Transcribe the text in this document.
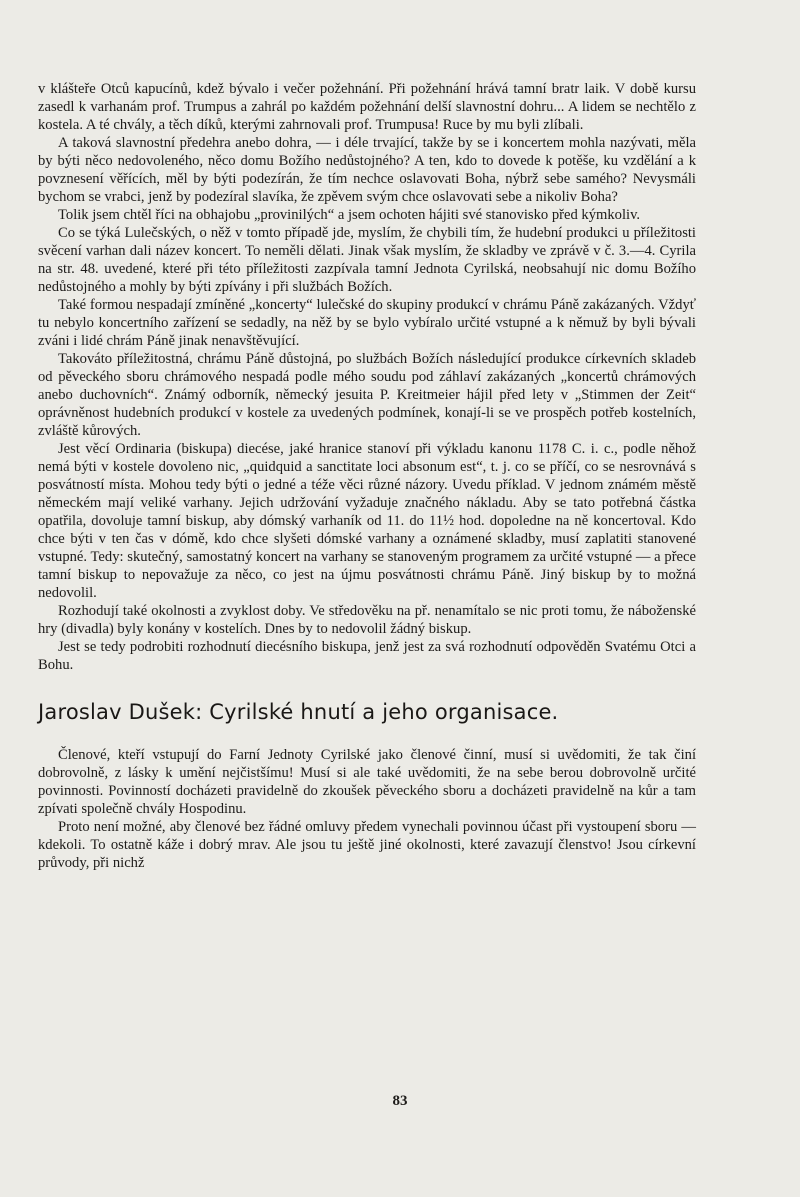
v klášteře Otců kapucínů, kdež bývalo i večer požehnání. Při požehnání hrává tamní bratr laik. V době kursu zasedl k varhanám prof. Trumpus a zahrál po každém požehnání delší slavnostní dohru... A lidem se nechtělo z kostela. A té chvály, a těch díků, kterými zahrnovali prof. Trumpusa! Ruce by mu byli zlíbali.

A taková slavnostní předehra anebo dohra, — i déle trvající, takže by se i koncertem mohla nazývati, měla by býti něco nedovoleného, něco domu Božího nedůstojného? A ten, kdo to dovede k potěše, ku vzdělání a k povznesení věřících, měl by býti podezírán, že tím nechce oslavovati Boha, nýbrž sebe samého? Nevysmáli bychom se vrabci, jenž by podezíral slavíka, že zpěvem svým chce oslavovati sebe a nikoliv Boha?

Tolik jsem chtěl říci na obhajobu „provinilých“ a jsem ochoten hájiti své stanovisko před kýmkoliv.

Co se týká Lulečských, o něž v tomto případě jde, myslím, že chybili tím, že hudební produkci u příležitosti svěcení varhan dali název koncert. To neměli dělati. Jinak však myslím, že skladby ve zprávě v č. 3.—4. Cyrila na str. 48. uvedené, které při této příležitosti zazpívala tamní Jednota Cyrilská, neobsahují nic domu Božího nedůstojného a mohly by býti zpívány i při službách Božích.

Také formou nespadají zmíněné „koncerty“ lulečské do skupiny produkcí v chrámu Páně zakázaných. Vždyť tu nebylo koncertního zařízení se sedadly, na něž by se bylo vybíralo určité vstupné a k němuž by byli bývali zváni i lidé chrám Páně jinak nenavštěvující.

Takováto příležitostná, chrámu Páně důstojná, po službách Božích následující produkce církevních skladeb od pěveckého sboru chrámového nespadá podle mého soudu pod záhlaví zakázaných „koncertů chrámových anebo duchovních“. Známý odborník, německý jesuita P. Kreitmeier hájil před lety v „Stimmen der Zeit“ oprávněnost hudebních produkcí v kostele za uvedených podmínek, konají-li se ve prospěch potřeb kostelních, zvláště kůrových.

Jest věcí Ordinaria (biskupa) diecése, jaké hranice stanoví při výkladu kanonu 1178 C. i. c., podle něhož nemá býti v kostele dovoleno nic, „quidquid a sanctitate loci absonum est“, t. j. co se příčí, co se nesrovnává s posvátností místa. Mohou tedy býti o jedné a téže věci různé názory. Uvedu příklad. V jednom známém městě německém mají veliké varhany. Jejich udržování vyžaduje značného nákladu. Aby se tato potřebná částka opatřila, dovoluje tamní biskup, aby dómský varhaník od 11. do 11½ hod. dopoledne na ně koncertoval. Kdo chce býti v ten čas v dómě, kdo chce slyšeti dómské varhany a oznámené skladby, musí zaplatiti stanovené vstupné. Tedy: skutečný, samostatný koncert na varhany se stanoveným programem za určité vstupné — a přece tamní biskup to nepovažuje za něco, co jest na újmu posvátnosti chrámu Páně. Jiný biskup by to možná nedovolil.

Rozhodují také okolnosti a zvyklost doby. Ve středověku na př. nenamítalo se nic proti tomu, že náboženské hry (divadla) byly konány v kostelích. Dnes by to nedovolil žádný biskup.

Jest se tedy podrobiti rozhodnutí diecésního biskupa, jenž jest za svá rozhodnutí odpověděn Svatému Otci a Bohu.

Jaroslav Dušek: Cyrilské hnutí a jeho organisace.

Členové, kteří vstupují do Farní Jednoty Cyrilské jako členové činní, musí si uvědomiti, že tak činí dobrovolně, z lásky k umění nejčistšímu! Musí si ale také uvědomiti, že na sebe berou dobrovolně určité povinnosti. Povinností docházeti pravidelně do zkoušek pěveckého sboru a docházeti pravidelně na kůr a tam zpívati společně chvály Hospodinu.

Proto není možné, aby členové bez řádné omluvy předem vynechali povinnou účast při vystoupení sboru — kdekoli. To ostatně káže i dobrý mrav. Ale jsou tu ještě jiné okolnosti, které zavazují členstvo! Jsou církevní průvody, při nichž

83
